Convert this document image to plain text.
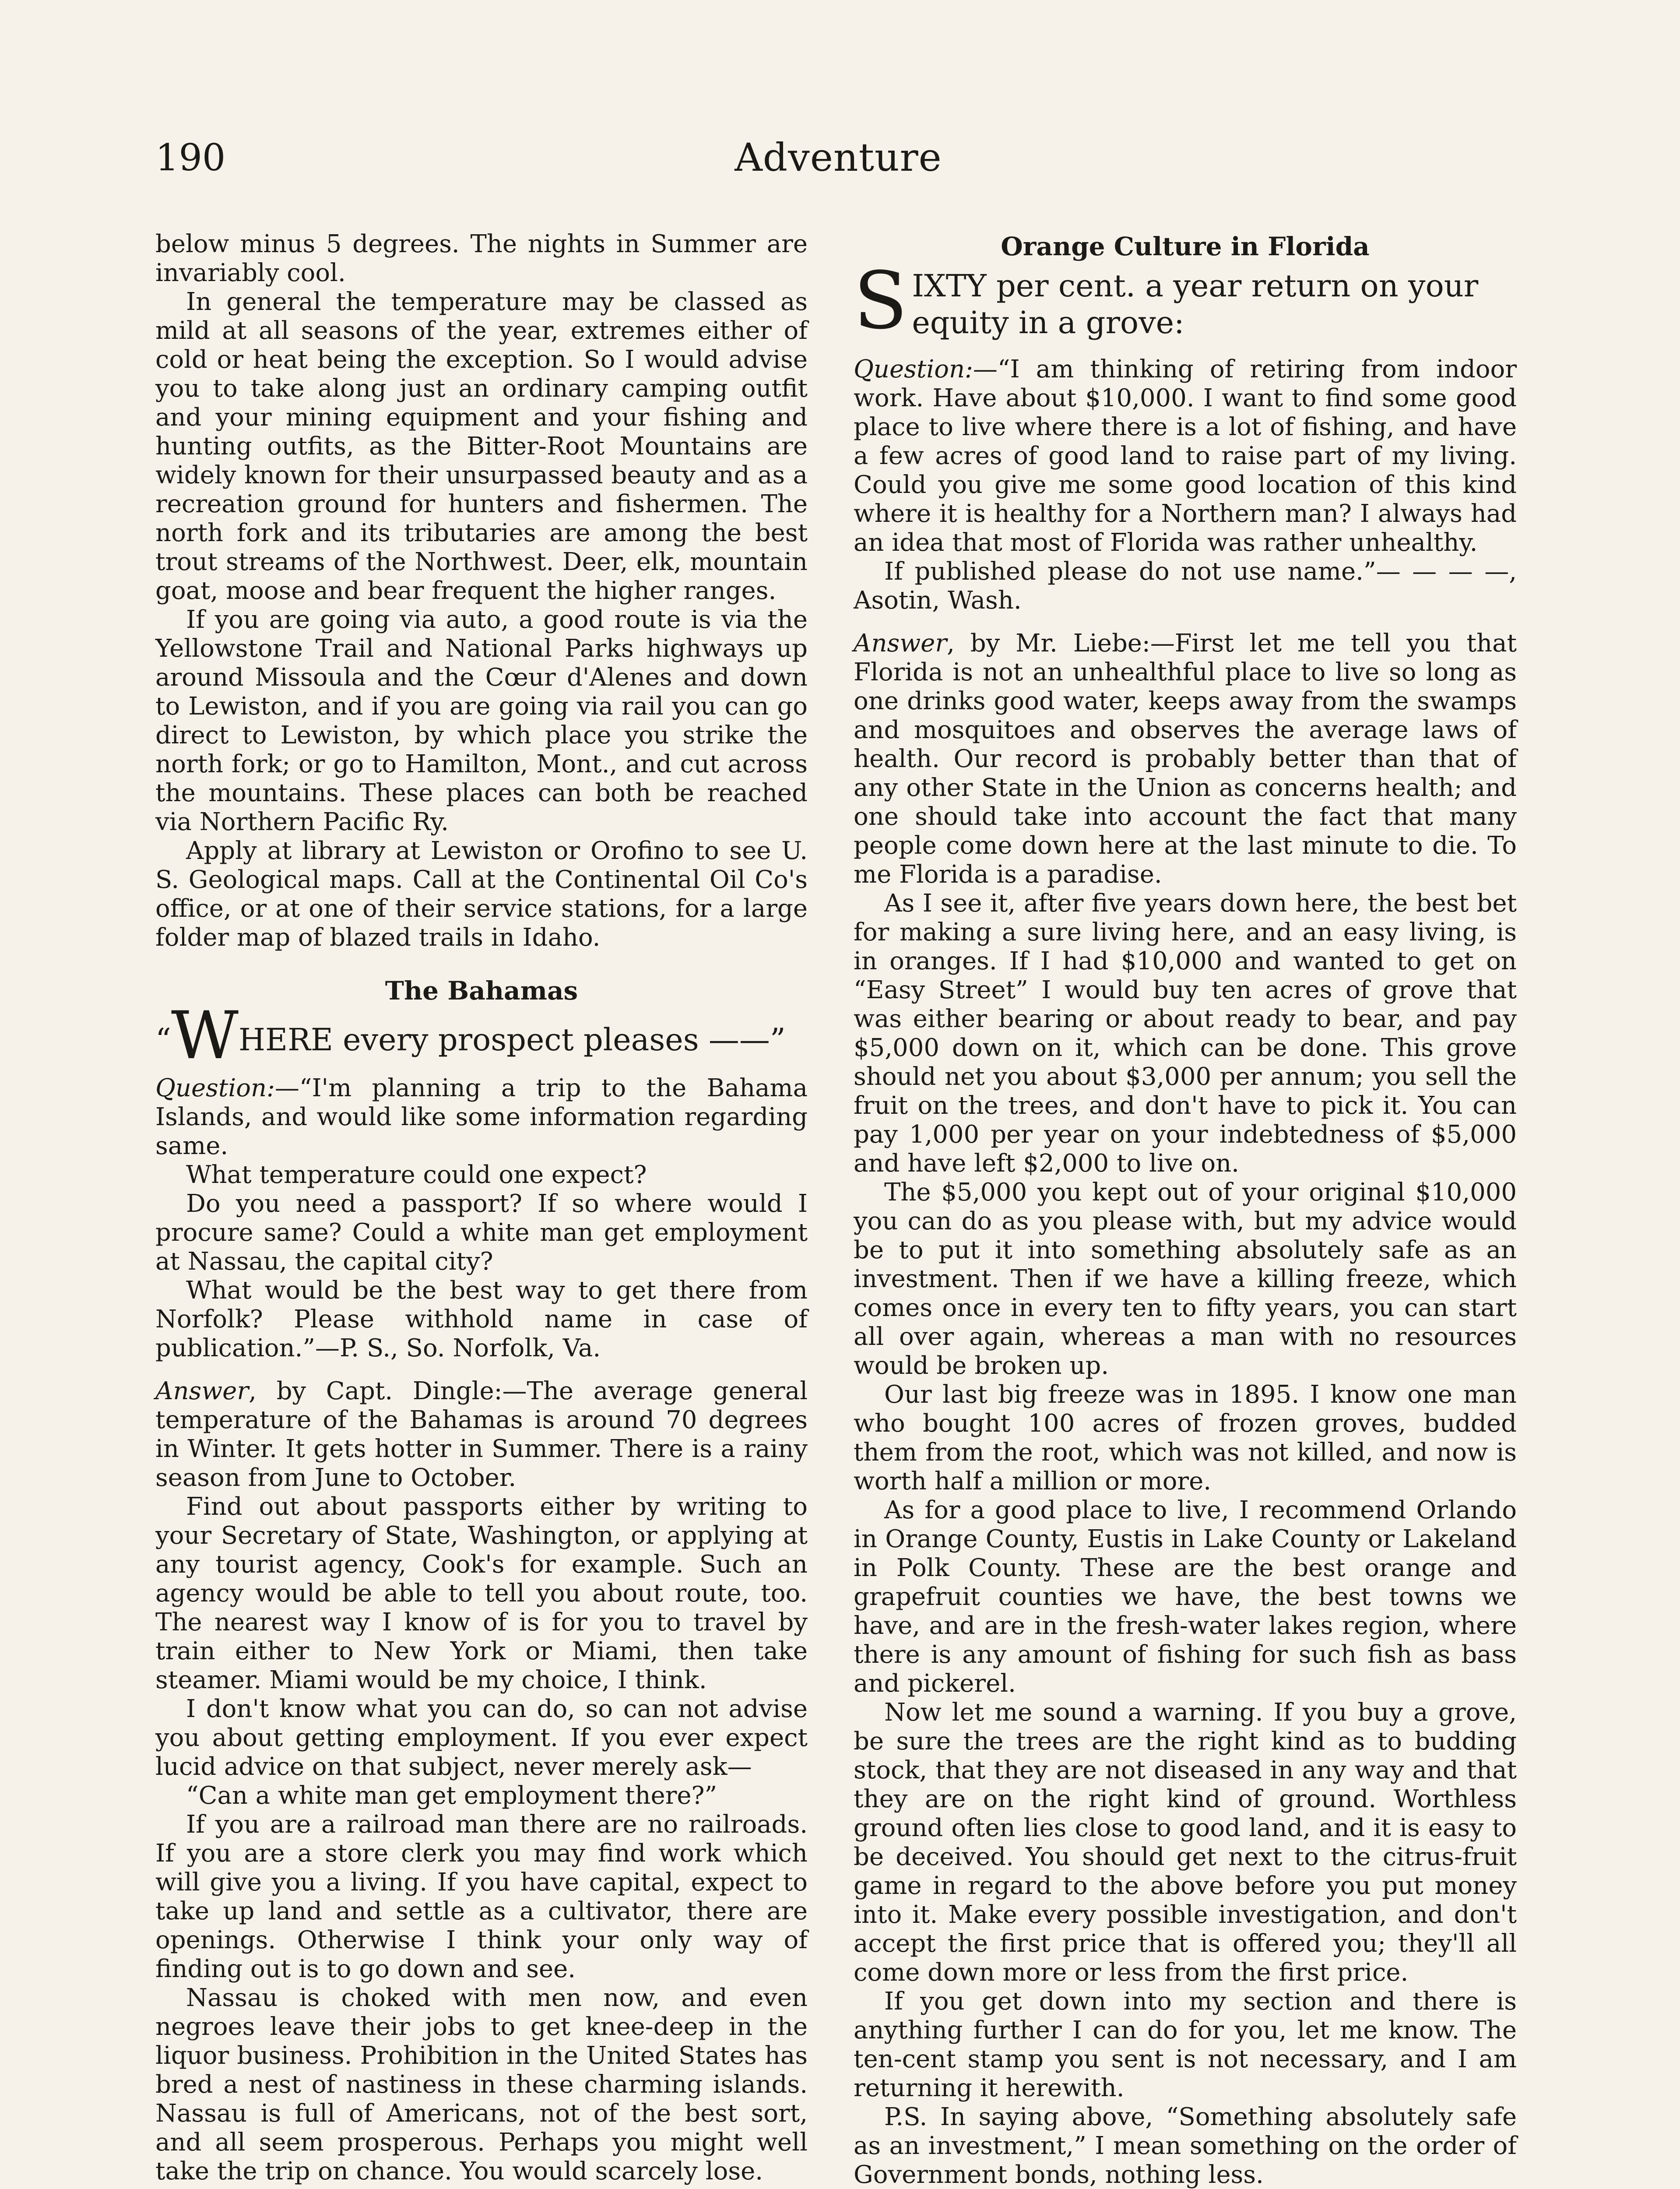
190	Adventure

below minus 5 degrees. The nights in Summer are invariably cool.

In general the temperature may be classed as mild at all seasons of the year, extremes either of cold or heat being the exception. So I would advise you to take along just an ordinary camping outfit and your mining equipment and your fishing and hunting outfits, as the Bitter-Root Mountains are widely known for their unsurpassed beauty and as a recreation ground for hunters and fishermen. The north fork and its tributaries are among the best trout streams of the Northwest. Deer, elk, mountain goat, moose and bear frequent the higher ranges.

If you are going via auto, a good route is via the Yellowstone Trail and National Parks highways up around Missoula and the Cœur d'Alenes and down to Lewiston, and if you are going via rail you can go direct to Lewiston, by which place you strike the north fork; or go to Hamilton, Mont., and cut across the mountains. These places can both be reached via Northern Pacific Ry.

Apply at library at Lewiston or Orofino to see U. S. Geological maps. Call at the Continental Oil Co's office, or at one of their service stations, for a large folder map of blazed trails in Idaho.

The Bahamas
“WHERE every prospect pleases ——”

Question:—“I'm planning a trip to the Bahama Islands, and would like some information regarding same.

What temperature could one expect?

Do you need a passport? If so where would I procure same? Could a white man get employment at Nassau, the capital city?

What would be the best way to get there from Norfolk? Please withhold name in case of publication.”—P. S., So. Norfolk, Va.

Answer, by Capt. Dingle:—The average general temperature of the Bahamas is around 70 degrees in Winter. It gets hotter in Summer. There is a rainy season from June to October.

Find out about passports either by writing to your Secretary of State, Washington, or applying at any tourist agency, Cook's for example. Such an agency would be able to tell you about route, too. The nearest way I know of is for you to travel by train either to New York or Miami, then take steamer. Miami would be my choice, I think.

I don't know what you can do, so can not advise you about getting employment. If you ever expect lucid advice on that subject, never merely ask—

“Can a white man get employment there?”

If you are a railroad man there are no railroads. If you are a store clerk you may find work which will give you a living. If you have capital, expect to take up land and settle as a cultivator, there are openings. Otherwise I think your only way of finding out is to go down and see.

Nassau is choked with men now, and even negroes leave their jobs to get knee-deep in the liquor business. Prohibition in the United States has bred a nest of nastiness in these charming islands. Nassau is full of Americans, not of the best sort, and all seem prosperous. Perhaps you might well take the trip on chance. You would scarcely lose.

Orange Culture in Florida
SIXTY per cent. a year return on your equity in a grove:

Question:—“I am thinking of retiring from indoor work. Have about $10,000. I want to find some good place to live where there is a lot of fishing, and have a few acres of good land to raise part of my living. Could you give me some good location of this kind where it is healthy for a Northern man? I always had an idea that most of Florida was rather unhealthy.

If published please do not use name.”— — — —, Asotin, Wash.

Answer, by Mr. Liebe:—First let me tell you that Florida is not an unhealthful place to live so long as one drinks good water, keeps away from the swamps and mosquitoes and observes the average laws of health. Our record is probably better than that of any other State in the Union as concerns health; and one should take into account the fact that many people come down here at the last minute to die. To me Florida is a paradise.

As I see it, after five years down here, the best bet for making a sure living here, and an easy living, is in oranges. If I had $10,000 and wanted to get on “Easy Street” I would buy ten acres of grove that was either bearing or about ready to bear, and pay $5,000 down on it, which can be done. This grove should net you about $3,000 per annum; you sell the fruit on the trees, and don't have to pick it. You can pay 1,000 per year on your indebtedness of $5,000 and have left $2,000 to live on.

The $5,000 you kept out of your original $10,000 you can do as you please with, but my advice would be to put it into something absolutely safe as an investment. Then if we have a killing freeze, which comes once in every ten to fifty years, you can start all over again, whereas a man with no resources would be broken up.

Our last big freeze was in 1895. I know one man who bought 100 acres of frozen groves, budded them from the root, which was not killed, and now is worth half a million or more.

As for a good place to live, I recommend Orlando in Orange County, Eustis in Lake County or Lakeland in Polk County. These are the best orange and grapefruit counties we have, the best towns we have, and are in the fresh-water lakes region, where there is any amount of fishing for such fish as bass and pickerel.

Now let me sound a warning. If you buy a grove, be sure the trees are the right kind as to budding stock, that they are not diseased in any way and that they are on the right kind of ground. Worthless ground often lies close to good land, and it is easy to be deceived. You should get next to the citrus-fruit game in regard to the above before you put money into it. Make every possible investigation, and don't accept the first price that is offered you; they'll all come down more or less from the first price.

If you get down into my section and there is anything further I can do for you, let me know. The ten-cent stamp you sent is not necessary, and I am returning it herewith.

P.S. In saying above, “Something absolutely safe as an investment,” I mean something on the order of Government bonds, nothing less.
